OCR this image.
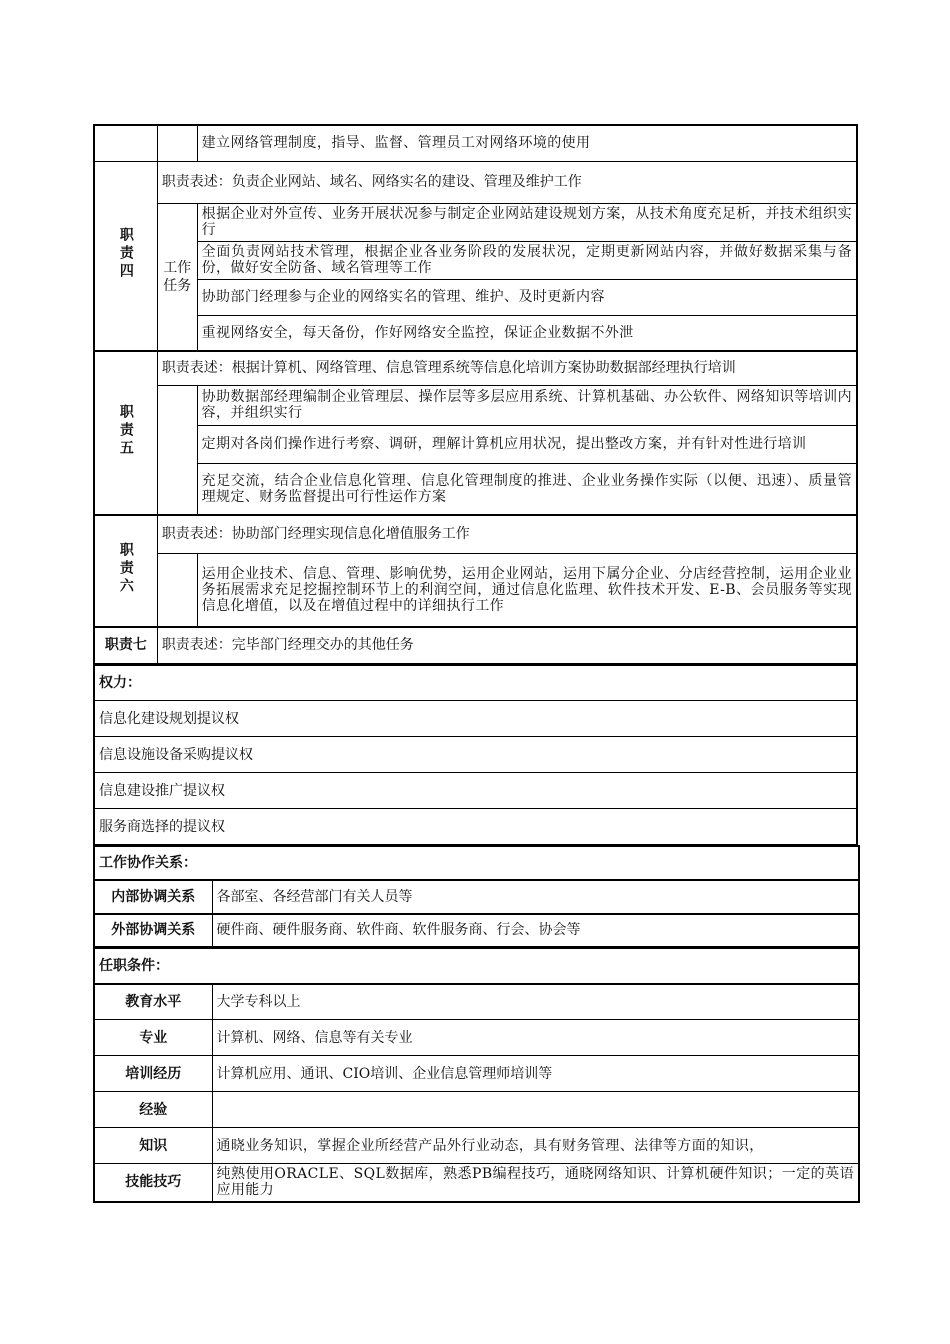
		建立网络管理制度，指导、监督、管理员工对网络环境的使用
职责四	职责表述：负责企业网站、域名、网络实名的建设、管理及维护工作	
	工作任务	根据企业对外宣传、业务开展状况参与制定企业网站建设规划方案，从技术角度充足析，并技术组织实行
		全面负责网站技术管理，根据企业各业务阶段的发展状况，定期更新网站内容，并做好数据采集与备份，做好安全防备、域名管理等工作
		协助部门经理参与企业的网络实名的管理、维护、及时更新内容
		重视网络安全，每天备份，作好网络安全监控，保证企业数据不外泄
职责五	职责表述：根据计算机、网络管理、信息管理系统等信息化培训方案协助数据部经理执行培训	
		协助数据部经理编制企业管理层、操作层等多层应用系统、计算机基础、办公软件、网络知识等培训内容，并组织实行
		定期对各岗们操作进行考察、调研，理解计算机应用状况，提出整改方案，并有针对性进行培训
		充足交流，结合企业信息化管理、信息化管理制度的推进、企业业务操作实际（以便、迅速）、质量管理规定、财务监督提出可行性运作方案
职责六	职责表述：协助部门经理实现信息化增值服务工作	
		运用企业技术、信息、管理、影响优势，运用企业网站，运用下属分企业、分店经营控制，运用企业业务拓展需求充足挖掘控制环节上的利润空间，通过信息化监理、软件技术开发、E-B、会员服务等实现信息化增值，以及在增值过程中的详细执行工作
职责七	职责表述：完毕部门经理交办的其他任务	
权力：
信息化建设规划提议权
信息设施设备采购提议权
信息建设推广提议权
服务商选择的提议权
工作协作关系：	
内部协调关系	各部室、各经营部门有关人员等
外部协调关系	硬件商、硬件服务商、软件商、软件服务商、行会、协会等
任职条件：	
教育水平	大学专科以上
专业	计算机、网络、信息等有关专业
培训经历	计算机应用、通讯、CIO培训、企业信息管理师培训等
经验	
知识	通晓业务知识，掌握企业所经营产品外行业动态，具有财务管理、法律等方面的知识，
技能技巧	纯熟使用ORACLE、SQL数据库，熟悉PB编程技巧，通晓网络知识、计算机硬件知识；一定的英语应用能力
